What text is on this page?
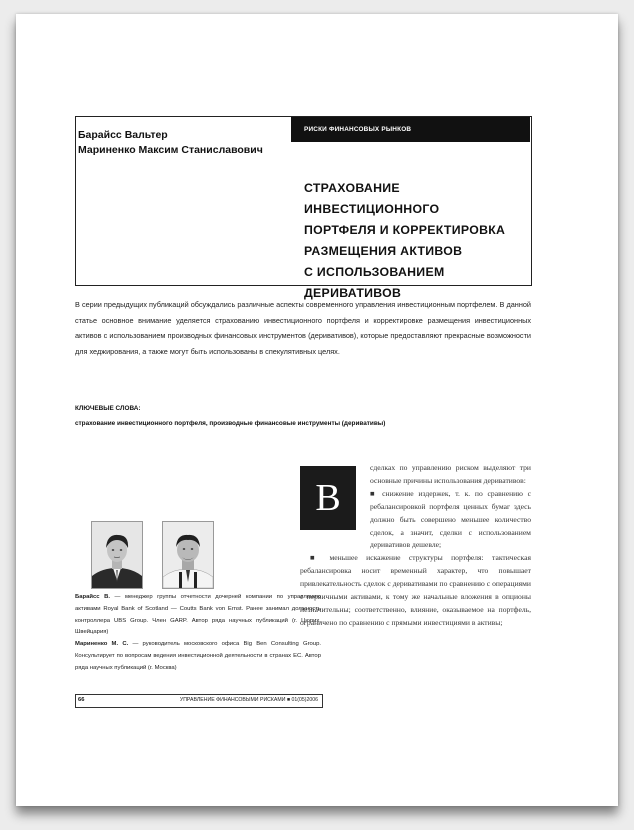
Барайсс Вальтер
Мариненко Максим Станиславович
РИСКИ ФИНАНСОВЫХ РЫНКОВ
СТРАХОВАНИЕ ИНВЕСТИЦИОННОГО
ПОРТФЕЛЯ И КОРРЕКТИРОВКА
РАЗМЕЩЕНИЯ АКТИВОВ
С ИСПОЛЬЗОВАНИЕМ ДЕРИВАТИВОВ
В серии предыдущих публикаций обсуждались различные аспекты современного управления инвестиционным портфелем. В данной статье основное внимание уделяется страхованию инвестиционного портфеля и корректировке размещения инвестиционных активов с использованием производных финансовых инструментов (деривативов), которые предоставляют прекрасные возможности для хеджирования, а также могут быть использованы в спекулятивных целях.
КЛЮЧЕВЫЕ СЛОВА:
страхование инвестиционного портфеля, производные финансовые инструменты (деривативы)

сделках по управлению риском выделяют три основные причины использования деривативов:

■ снижение издержек, т. к. по сравнению с ребалансировкой портфеля ценных бумаг здесь должно быть совершено меньшее количество сделок, а значит, сделки с использованием деривативов дешевле;

■ меньшее искажение структуры портфеля: тактическая ребалансировка носит временный характер, что повышает привлекательность сделок с деривативами по сравнению с операциями с первичными активами, к тому же начальные вложения в опционы незначительны; соответственно, влияние, оказываемое на портфель, ограничено по сравнению с прямыми инвестициями в активы;

В
Барайсс В. — менеджер группы отчетности дочерней компании по управлению активами Royal Bank of Scotland — Coutts Bank von Ernst. Ранее занимал должность контроллера UBS Group. Член GARP. Автор ряда научных публикаций (г. Цюрих, Швейцария)
Мариненко М. С. — руководитель московского офиса Big Ben Consulting Group. Консультирует по вопросам ведения инвестиционной деятельности в странах ЕС. Автор ряда научных публикаций (г. Москва)
66	УПРАВЛЕНИЕ ФИНАНСОВЫМИ РИСКАМИ ■ 01(05)2006
